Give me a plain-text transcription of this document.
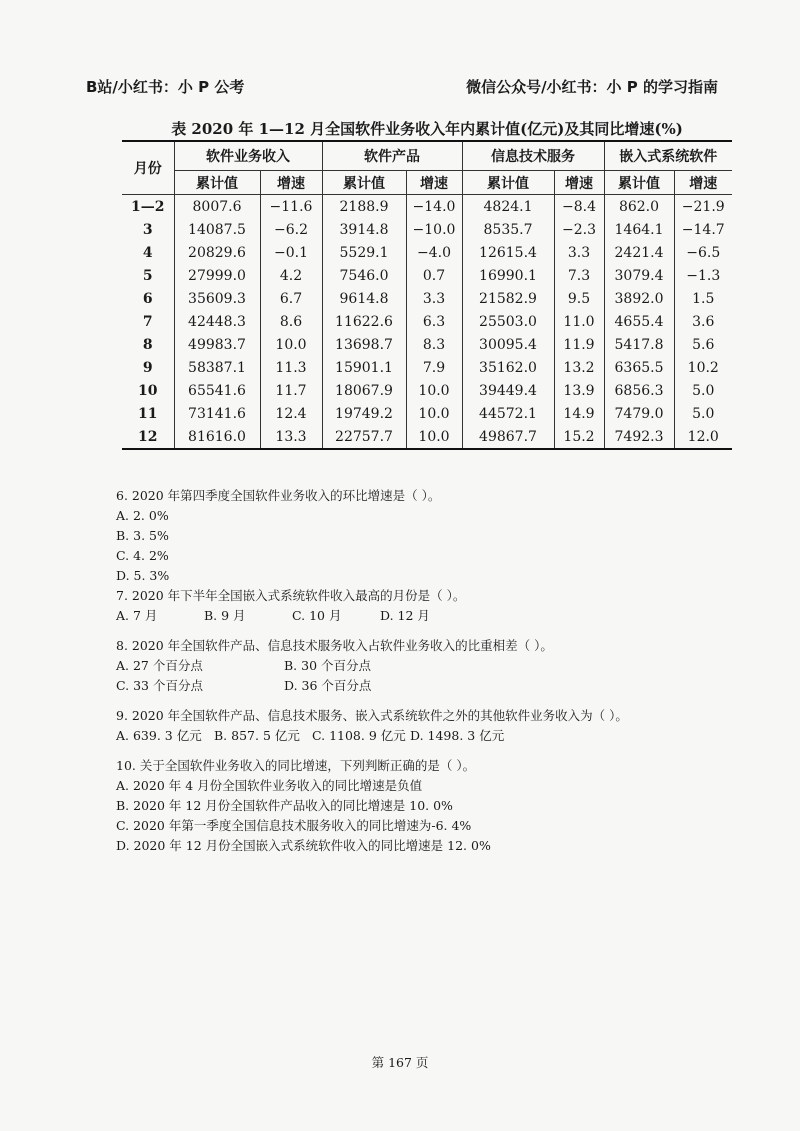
B站/小红书：小 P 公考	微信公众号/小红书：小 P 的学习指南
表 2020 年 1—12 月全国软件业务收入年内累计值(亿元)及其同比增速(%)
月份	软件业务收入		软件产品		信息技术服务		嵌入式系统软件	
	累计值	增速	累计值	增速	累计值	增速	累计值	增速
1—2	8007.6	−11.6	2188.9	−14.0	4824.1	−8.4	862.0	−21.9
3	14087.5	−6.2	3914.8	−10.0	8535.7	−2.3	1464.1	−14.7
4	20829.6	−0.1	5529.1	−4.0	12615.4	3.3	2421.4	−6.5
5	27999.0	4.2	7546.0	0.7	16990.1	7.3	3079.4	−1.3
6	35609.3	6.7	9614.8	3.3	21582.9	9.5	3892.0	1.5
7	42448.3	8.6	11622.6	6.3	25503.0	11.0	4655.4	3.6
8	49983.7	10.0	13698.7	8.3	30095.4	11.9	5417.8	5.6
9	58387.1	11.3	15901.1	7.9	35162.0	13.2	6365.5	10.2
10	65541.6	11.7	18067.9	10.0	39449.4	13.9	6856.3	5.0
11	73141.6	12.4	19749.2	10.0	44572.1	14.9	7479.0	5.0
12	81616.0	13.3	22757.7	10.0	49867.7	15.2	7492.3	12.0
6. 2020 年第四季度全国软件业务收入的环比增速是（ ）。
A. 2. 0%
B. 3. 5%
C. 4. 2%
D. 5. 3%
7. 2020 年下半年全国嵌入式系统软件收入最高的月份是（ ）。
A. 7 月	B. 9 月	C. 10 月	D. 12 月
8. 2020 年全国软件产品、信息技术服务收入占软件业务收入的比重相差（ ）。
A. 27 个百分点	B. 30 个百分点
C. 33 个百分点	D. 36 个百分点
9. 2020 年全国软件产品、信息技术服务、嵌入式系统软件之外的其他软件业务收入为（ ）。
A. 639. 3 亿元 B. 857. 5 亿元 C. 1108. 9 亿元 D. 1498. 3 亿元
10. 关于全国软件业务收入的同比增速，下列判断正确的是（ ）。
A. 2020 年 4 月份全国软件业务收入的同比增速是负值
B. 2020 年 12 月份全国软件产品收入的同比增速是 10. 0%
C. 2020 年第一季度全国信息技术服务收入的同比增速为-6. 4%
D. 2020 年 12 月份全国嵌入式系统软件收入的同比增速是 12. 0%
第 167 页
